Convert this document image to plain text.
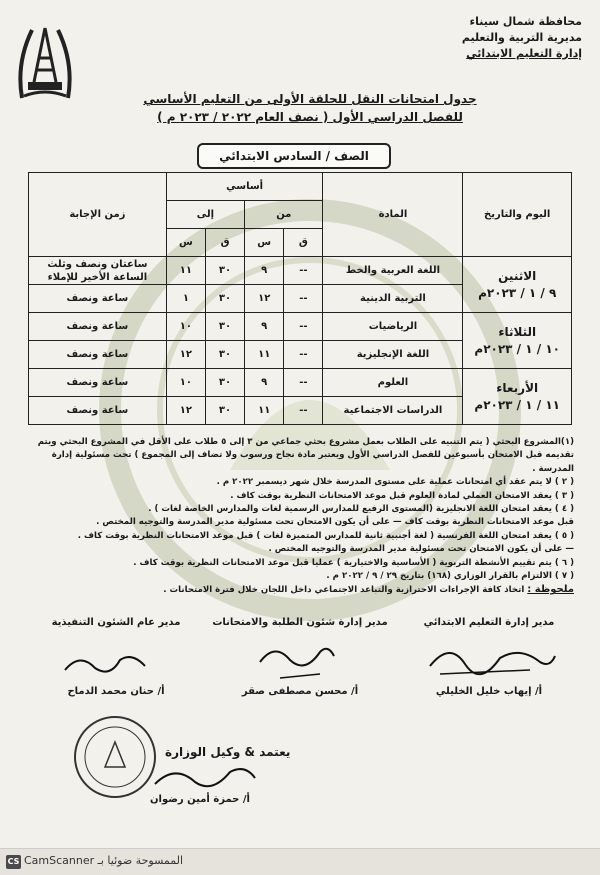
محافظة شمال سيناء
مديرية التربية والتعليم
إدارة التعليم الابتدائي
جدول امتحانات النقل للحلقة الأولى من التعليم الأساسي
للفصل الدراسي الأول ( نصف العام ٢٠٢٢ / ٢٠٢٣ م )
الصف / السادس الابتدائي
اليوم والتاريخ	المادة	أساسي				زمن الإجابة
		من		إلى		
		ق	س	ق	س	

الاثنين
٩ / ١ / ٢٠٢٣م	اللغة العربية والخط	--	٩	٣٠	١١	ساعتان ونصف وثلث الساعة الأخير للإملاء
	التربية الدينية	--	١٢	٣٠	١	ساعة ونصف

الثلاثاء
١٠ / ١ / ٢٠٢٣م	الرياضيات	--	٩	٣٠	١٠	ساعة ونصف
	اللغة الإنجليزية	--	١١	٣٠	١٢	ساعة ونصف

الأربعاء
١١ / ١ / ٢٠٢٣م	العلوم	--	٩	٣٠	١٠	ساعة ونصف
	الدراسات الاجتماعية	--	١١	٣٠	١٢	ساعة ونصف

(١)المشروع البحثي ( يتم التنبيه على الطلاب بعمل مشروع بحثي جماعي من ٣ إلى ٥ طلاب على الأقل في المشروع البحثي ويتم تقديمه قبل الامتحان بأسبوعين للفصل الدراسي الأول ويعتبر مادة نجاح ورسوب ولا تضاف إلى المجموع ) تحت مسئولية إدارة المدرسة .

( ٢ ) لا يتم عقد أي امتحانات عملية على مستوى المدرسة خلال شهر ديسمبر ٢٠٢٢ م .

( ٣ ) يعقد الامتحان العملي لمادة العلوم قبل موعد الامتحانات النظرية بوقت كاف .

( ٤ ) يعقد امتحان اللغة الانجليزية (المستوى الرفيع للمدارس الرسمية لغات والمدارس الخاصة لغات ) .

قبل موعد الامتحانات النظرية بوقت كاف — على أن يكون الامتحان تحت مسئولية مدير المدرسة والتوجيه المختص .

( ٥ ) يعقد امتحان اللغة الفرنسية ( لغة أجنبية ثانية للمدارس المتميزة لغات ) قبل موعد الامتحانات النظرية بوقت كاف .

— على أن يكون الامتحان تحت مسئولية مدير المدرسة والتوجيه المختص .

( ٦ ) يتم تقييم الأنشطة التربوية ( الأساسية والاختيارية ) عمليا قبل موعد الامتحانات النظرية بوقت كاف .

( ٧ ) الالتزام بالقرار الوزاري (١٦٨) بتاريخ ٢٩ / ٩ / ٢٠٢٢ م .

ملحوظة : اتخاذ كافة الإجراءات الاحترازية والتباعد الاجتماعي داخل اللجان خلال فترة الامتحانات .

مدير إدارة التعليم الابتدائي
مدير إدارة شئون الطلبة والامتحانات
مدير عام الشئون التنفيذية
أ/ إيهاب خليل الخليلي
أ/ محسن مصطفى صقر
أ/ حنان محمد الدماح
يعتمد & وكيل الوزارة
أ/ حمزة أمين رضوان
CS الممسوحة ضوئيا بـ CamScanner
